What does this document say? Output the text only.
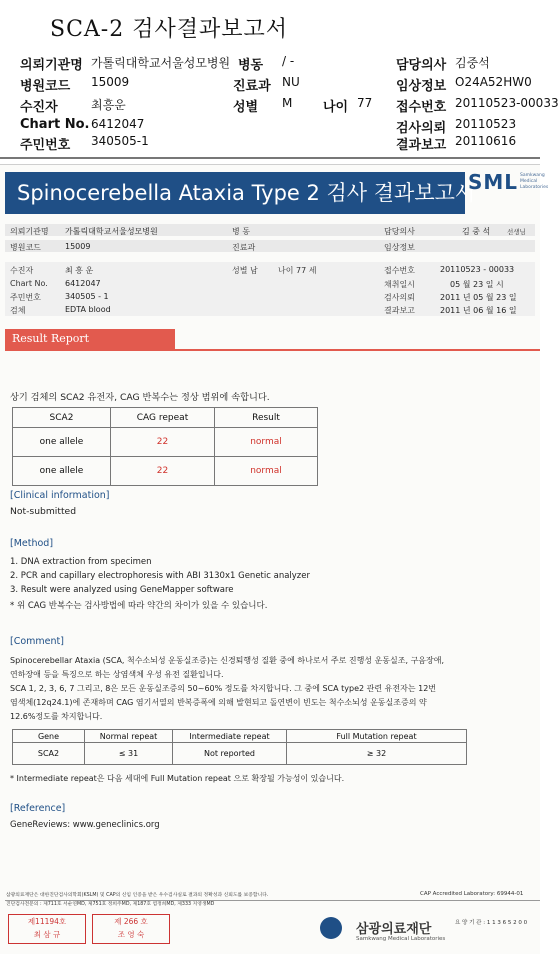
SCA-2 검사결과보고서
의뢰기관명 가톨릭대학교서울성모병원 병동 / -	담당의사 김중석
병원코드 15009	진료과 NU	임상정보 O24A52HW0
수진자	최흥운	성별 M 나이 77 접수번호 20110523-00033
Chart No. 6412047	검사의뢰 20110523
주민번호 340505-1	결과보고 20110616
Spinocerebella Ataxia Type 2 검사 결과보고서
SML Samkwang Medical Laboratories
의뢰기관명 가톨릭대학교서울성모병원	병 동	담당의사	김 중 석	선생님
병원코드	15009	진료과	임상정보
수진자	최 흥 운	성별 남	나이 77 세	접수번호	20110523 - 00033
Chart No. 6412047	채취일시	05 월 23 일 시
주민번호	340505 - 1	검사의뢰	2011 년 05 월 23 일
검체	EDTA blood	결과보고	2011 년 06 월 16 일
Result Report
상기 검체의 SCA2 유전자, CAG 반복수는 정상 범위에 속합니다.
SCA2	CAG repeat	Result
one allele	22	normal
one allele	22	normal
[Clinical information]
Not-submitted
[Method]
1. DNA extraction from specimen
2. PCR and capillary electrophoresis with ABI 3130x1 Genetic analyzer
3. Result were analyzed using GeneMapper software
* 위 CAG 반복수는 검사방법에 따라 약간의 차이가 있을 수 있습니다.
[Comment]
Spinocerebellar Ataxia (SCA, 척수소뇌성 운동실조증)는 신경퇴행성 질환 중에 하나로서 주로 진행성 운동실조, 구음장애,
연하장애 등을 특징으로 하는 상염색체 우성 유전 질환입니다.
SCA 1, 2, 3, 6, 7 그리고, 8은 모든 운동실조증의 50~60% 정도를 차지합니다. 그 중에 SCA type2 관련 유전자는 12번
염색체(12q24.1)에 존재하며 CAG 염기서열의 반복증폭에 의해 발현되고 돌연변이 빈도는 척수소뇌성 운동실조증의 약
12.6%정도를 차지합니다.
Gene	Normal repeat	Intermediate repeat	Full Mutation repeat
SCA2	≤ 31	Not reported	≥ 32
* Intermediate repeat은 다음 세대에 Full Mutation repeat 으로 확장될 가능성이 있습니다.
[Reference]
GeneReviews: www.geneclinics.org
삼광의료재단은 대한진단검사의학회(KSLM) 및 CAP의 신임 인증을 받은 우수검사실로 결과의 정확성과 신뢰도를 보증합니다.
진단검사전문의 : 제711호 서순연MD, 제751호 정희주MD, 제187호 염정희MD, 제333 지영생MD
CAP Accredited Laboratory: 69944-01
제11194호
최 삼 규
제 266 호
조 영 숙	삼광의료재단
Samkwang Medical Laboratories
요 양 기 관 : 1 1 3 6 5 2 0 0
